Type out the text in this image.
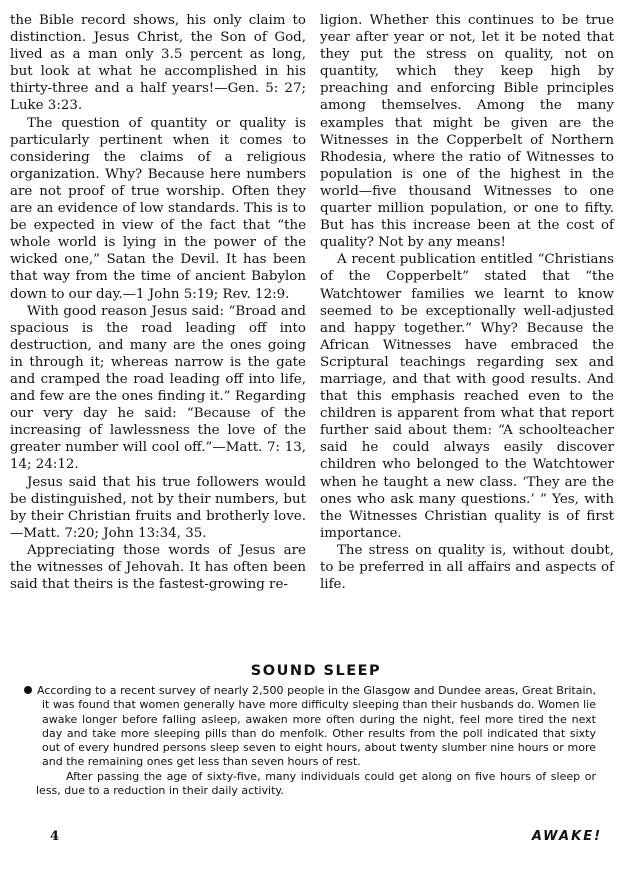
the Bible record shows, his only claim to distinction. Jesus Christ, the Son of God, lived as a man only 3.5 percent as long, but look at what he accomplished in his thirty-three and a half years!—Gen. 5: 27; Luke 3:23.

The question of quantity or quality is particularly pertinent when it comes to considering the claims of a religious organization. Why? Because here numbers are not proof of true worship. Often they are an evidence of low standards. This is to be expected in view of the fact that “the whole world is lying in the power of the wicked one,” Satan the Devil. It has been that way from the time of ancient Babylon down to our day.—1 John 5:19; Rev. 12:9.

With good reason Jesus said: “Broad and spacious is the road leading off into destruction, and many are the ones going in through it; whereas narrow is the gate and cramped the road leading off into life, and few are the ones finding it.” Regarding our very day he said: “Because of the increasing of lawlessness the love of the greater number will cool off.”—Matt. 7: 13, 14; 24:12.

Jesus said that his true followers would be distinguished, not by their numbers, but by their Christian fruits and brotherly love.—Matt. 7:20; John 13:34, 35.

Appreciating those words of Jesus are the witnesses of Jehovah. It has often been said that theirs is the fastest-growing re-

ligion. Whether this continues to be true year after year or not, let it be noted that they put the stress on quality, not on quantity, which they keep high by preaching and enforcing Bible principles among themselves. Among the many examples that might be given are the Witnesses in the Copperbelt of Northern Rhodesia, where the ratio of Witnesses to population is one of the highest in the world—five thousand Witnesses to one quarter million population, or one to fifty. But has this increase been at the cost of quality? Not by any means!

A recent publication entitled “Christians of the Copperbelt” stated that “the Watchtower families we learnt to know seemed to be exceptionally well-adjusted and happy together.” Why? Because the African Witnesses have embraced the Scriptural teachings regarding sex and marriage, and that with good results. And that this emphasis reached even to the children is apparent from what that report further said about them: “A schoolteacher said he could always easily discover children who belonged to the Watchtower when he taught a new class. ‘They are the ones who ask many questions.’ ” Yes, with the Witnesses Christian quality is of first importance.

The stress on quality is, without doubt, to be preferred in all affairs and aspects of life.

SOUND SLEEP

According to a recent survey of nearly 2,500 people in the Glasgow and Dundee areas, Great Britain, it was found that women generally have more difficulty sleeping than their husbands do. Women lie awake longer before falling asleep, awaken more often during the night, feel more tired the next day and take more sleeping pills than do menfolk. Other results from the poll indicated that sixty out of every hundred persons sleep seven to eight hours, about twenty slumber nine hours or more and the remaining ones get less than seven hours of rest.

After passing the age of sixty-five, many individuals could get along on five hours of sleep or less, due to a reduction in their daily activity.

4	AWAKE!
